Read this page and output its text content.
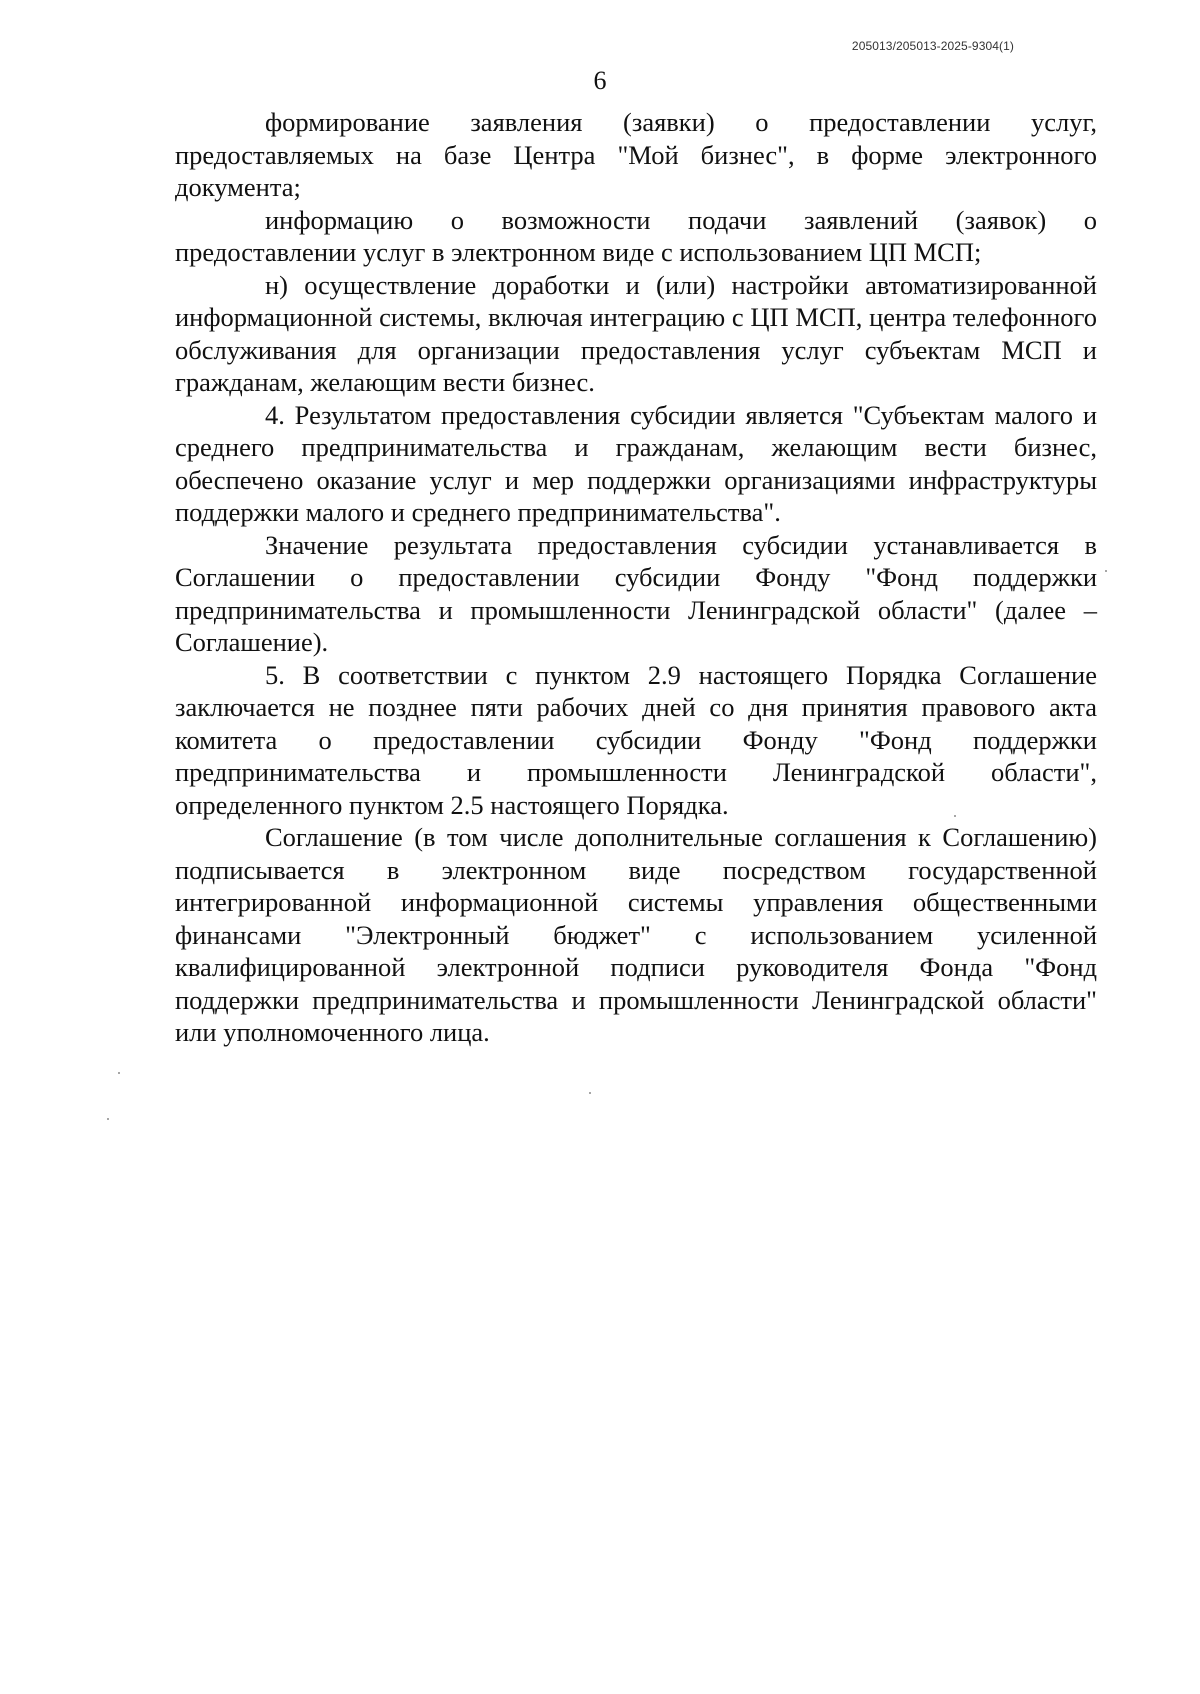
205013/205013-2025-9304(1)
6

формирование заявления (заявки) о предоставлении услуг, предоставляемых на базе Центра "Мой бизнес", в форме электронного документа;

информацию о возможности подачи заявлений (заявок) о предоставлении услуг в электронном виде с использованием ЦП МСП;

н) осуществление доработки и (или) настройки автоматизированной информационной системы, включая интеграцию с ЦП МСП, центра телефонного обслуживания для организации предоставления услуг субъектам МСП и гражданам, желающим вести бизнес.

4. Результатом предоставления субсидии является "Субъектам малого и среднего предпринимательства и гражданам, желающим вести бизнес, обеспечено оказание услуг и мер поддержки организациями инфраструктуры поддержки малого и среднего предпринимательства".

Значение результата предоставления субсидии устанавливается в Соглашении о предоставлении субсидии Фонду "Фонд поддержки предпринимательства и промышленности Ленинградской области" (далее – Соглашение).

5. В соответствии с пунктом 2.9 настоящего Порядка Соглашение заключается не позднее пяти рабочих дней со дня принятия правового акта комитета о предоставлении субсидии Фонду "Фонд поддержки предпринимательства и промышленности Ленинградской области", определенного пунктом 2.5 настоящего Порядка.

Соглашение (в том числе дополнительные соглашения к Соглашению) подписывается в электронном виде посредством государственной интегрированной информационной системы управления общественными финансами "Электронный бюджет" с использованием усиленной квалифицированной электронной подписи руководителя Фонда "Фонд поддержки предпринимательства и промышленности Ленинградской области" или уполномоченного лица.
